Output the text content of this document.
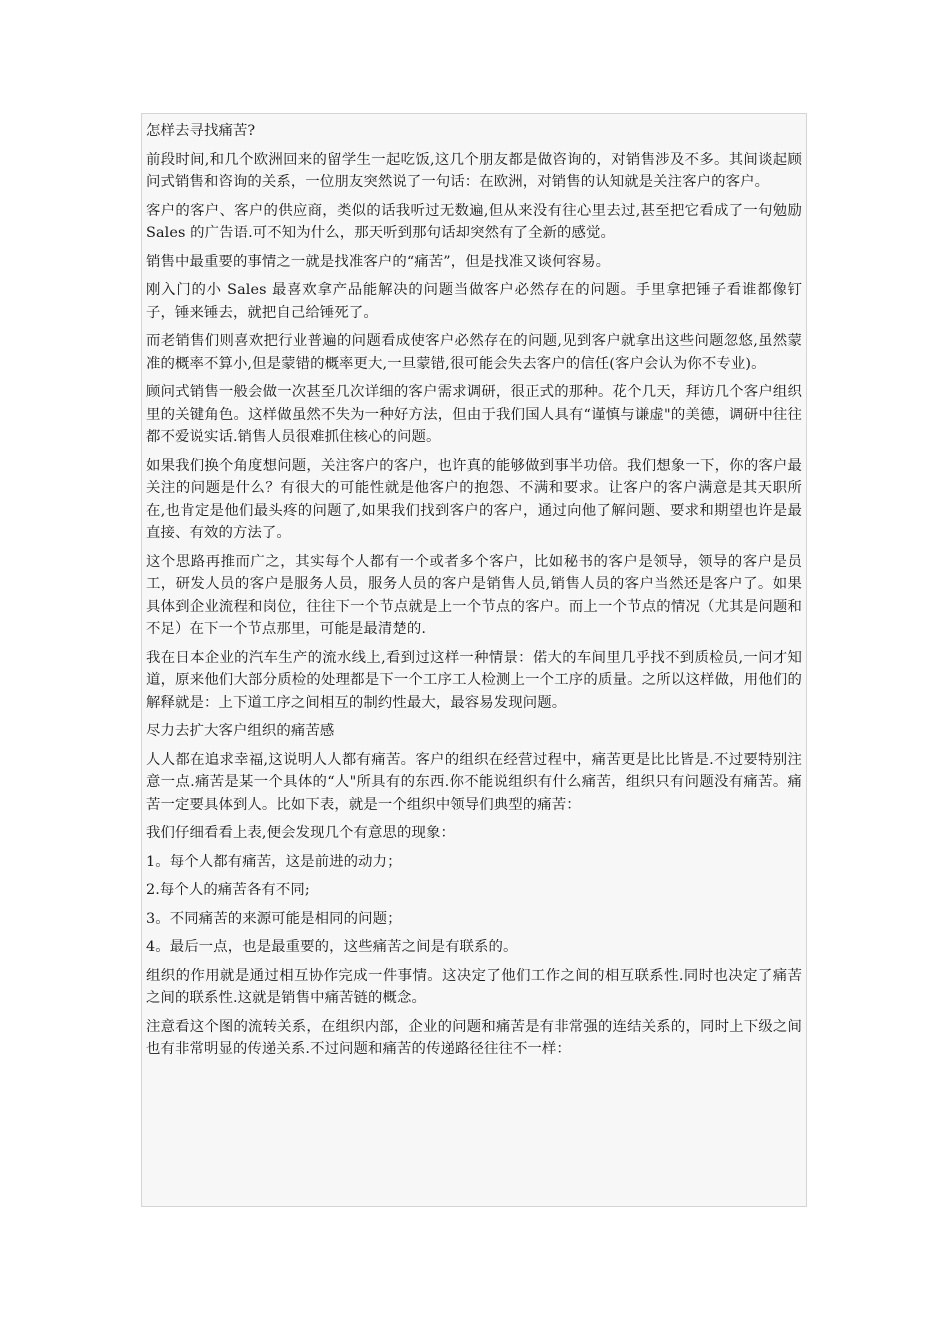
怎样去寻找痛苦?

前段时间,和几个欧洲回来的留学生一起吃饭,这几个朋友都是做咨询的，对销售涉及不多。其间谈起顾问式销售和咨询的关系，一位朋友突然说了一句话：在欧洲，对销售的认知就是关注客户的客户。

客户的客户、客户的供应商，类似的话我听过无数遍,但从来没有往心里去过,甚至把它看成了一句勉励 Sales 的广告语.可不知为什么，那天听到那句话却突然有了全新的感觉。

销售中最重要的事情之一就是找准客户的“痛苦”，但是找准又谈何容易。

刚入门的小 Sales 最喜欢拿产品能解决的问题当做客户必然存在的问题。手里拿把锤子看谁都像钉子，锤来锤去，就把自己给锤死了。

而老销售们则喜欢把行业普遍的问题看成使客户必然存在的问题,见到客户就拿出这些问题忽悠,虽然蒙准的概率不算小,但是蒙错的概率更大,一旦蒙错,很可能会失去客户的信任(客户会认为你不专业)。

顾问式销售一般会做一次甚至几次详细的客户需求调研，很正式的那种。花个几天，拜访几个客户组织里的关键角色。这样做虽然不失为一种好方法，但由于我们国人具有“谨慎与谦虚"的美德，调研中往往都不爱说实话.销售人员很难抓住核心的问题。

如果我们换个角度想问题，关注客户的客户，也许真的能够做到事半功倍。我们想象一下，你的客户最关注的问题是什么？有很大的可能性就是他客户的抱怨、不满和要求。让客户的客户满意是其天职所在,也肯定是他们最头疼的问题了,如果我们找到客户的客户，通过向他了解问题、要求和期望也许是最直接、有效的方法了。

这个思路再推而广之，其实每个人都有一个或者多个客户，比如秘书的客户是领导，领导的客户是员工，研发人员的客户是服务人员，服务人员的客户是销售人员,销售人员的客户当然还是客户了。如果具体到企业流程和岗位，往往下一个节点就是上一个节点的客户。而上一个节点的情况（尤其是问题和不足）在下一个节点那里，可能是最清楚的.

我在日本企业的汽车生产的流水线上,看到过这样一种情景：偌大的车间里几乎找不到质检员,一问才知道，原来他们大部分质检的处理都是下一个工序工人检测上一个工序的质量。之所以这样做，用他们的解释就是：上下道工序之间相互的制约性最大，最容易发现问题。

尽力去扩大客户组织的痛苦感

人人都在追求幸福,这说明人人都有痛苦。客户的组织在经营过程中，痛苦更是比比皆是.不过要特别注意一点.痛苦是某一个具体的“人"所具有的东西.你不能说组织有什么痛苦，组织只有问题没有痛苦。痛苦一定要具体到人。比如下表，就是一个组织中领导们典型的痛苦：

我们仔细看看上表,便会发现几个有意思的现象：

1。每个人都有痛苦，这是前进的动力；

2.每个人的痛苦各有不同;

3。不同痛苦的来源可能是相同的问题；

4。最后一点，也是最重要的，这些痛苦之间是有联系的。

组织的作用就是通过相互协作完成一件事情。这决定了他们工作之间的相互联系性.同时也决定了痛苦之间的联系性.这就是销售中痛苦链的概念。

注意看这个图的流转关系，在组织内部，企业的问题和痛苦是有非常强的连结关系的，同时上下级之间也有非常明显的传递关系.不过问题和痛苦的传递路径往往不一样：
